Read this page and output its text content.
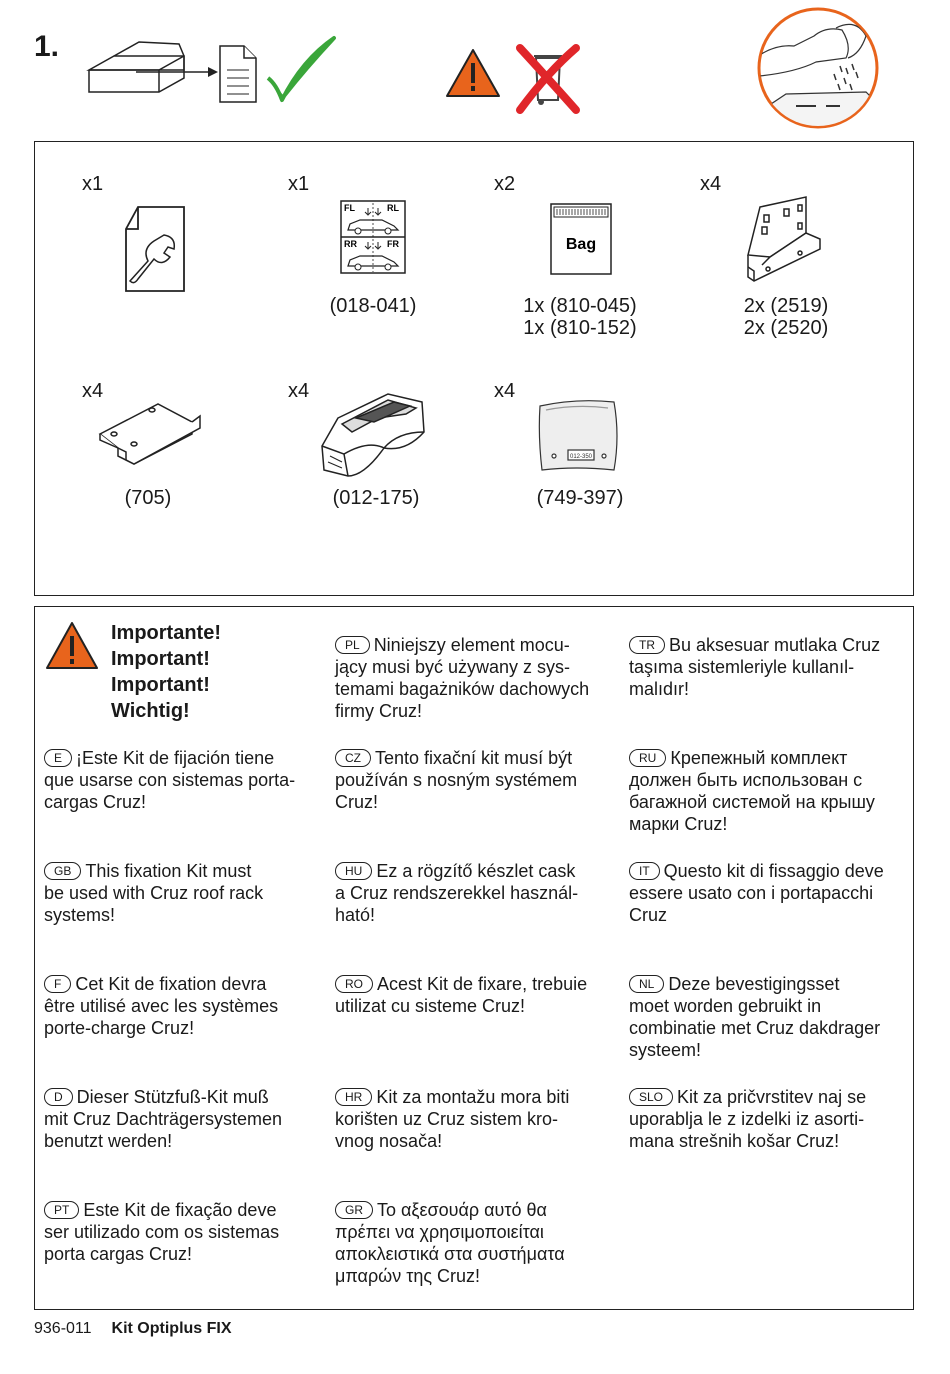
1.
x1	x1
FL	RL
RR	FR
(018-041)
x2
Bag
1x (810-045)
1x (810-152)
x4
2x (2519)
2x (2520)
x4
(705)
x4
(012-175)
x4
012-350
(749-397)
Importante!
Important!
Important!
Wichtig!
PL Niniejszy element mocu-
jący musi być używany z sys-
temami bagażników dachowych
firmy Cruz!
TR Bu aksesuar mutlaka Cruz
taşıma sistemleriyle kullanıl-
malıdır!
E ¡Este Kit de fijación tiene
que usarse con sistemas porta-
cargas Cruz!
CZ Tento fixační kit musí být
používán s nosným systémem
Cruz!
RU Крепежный комплект
должен быть использован с
багажной системой на крышу
марки Cruz!
GB This fixation Kit must
be used with Cruz roof rack
systems!
HU Ez a rögzítő készlet cask
a Cruz rendszerekkel használ-
ható!
IT Questo kit di fissaggio deve
essere usato con i portapacchi
Cruz
F Cet Kit de fixation devra
être utilisé avec les systèmes
porte-charge Cruz!
RO Acest Kit de fixare, trebuie
utilizat cu sisteme Cruz!
NL Deze bevestigingsset
moet worden gebruikt in
combinatie met Cruz dakdrager
systeem!
D Dieser Stützfuß-Kit muß
mit Cruz Dachträgersystemen
benutzt werden!
HR Kit za montažu mora biti
korišten uz Cruz sistem kro-
vnog nosača!
SLO Kit za pričvrstitev naj se
uporablja le z izdelki iz asorti-
mana strešnih košar Cruz!
PT Este Kit de fixação deve
ser utilizado com os sistemas
porta cargas Cruz!
GR Το αξεσουάρ αυτό θα
πρέπει να χρησιμοποιείται
αποκλειστικά στα συστήματα
μπαρών της Cruz!
936-011 Kit Optiplus FIX
